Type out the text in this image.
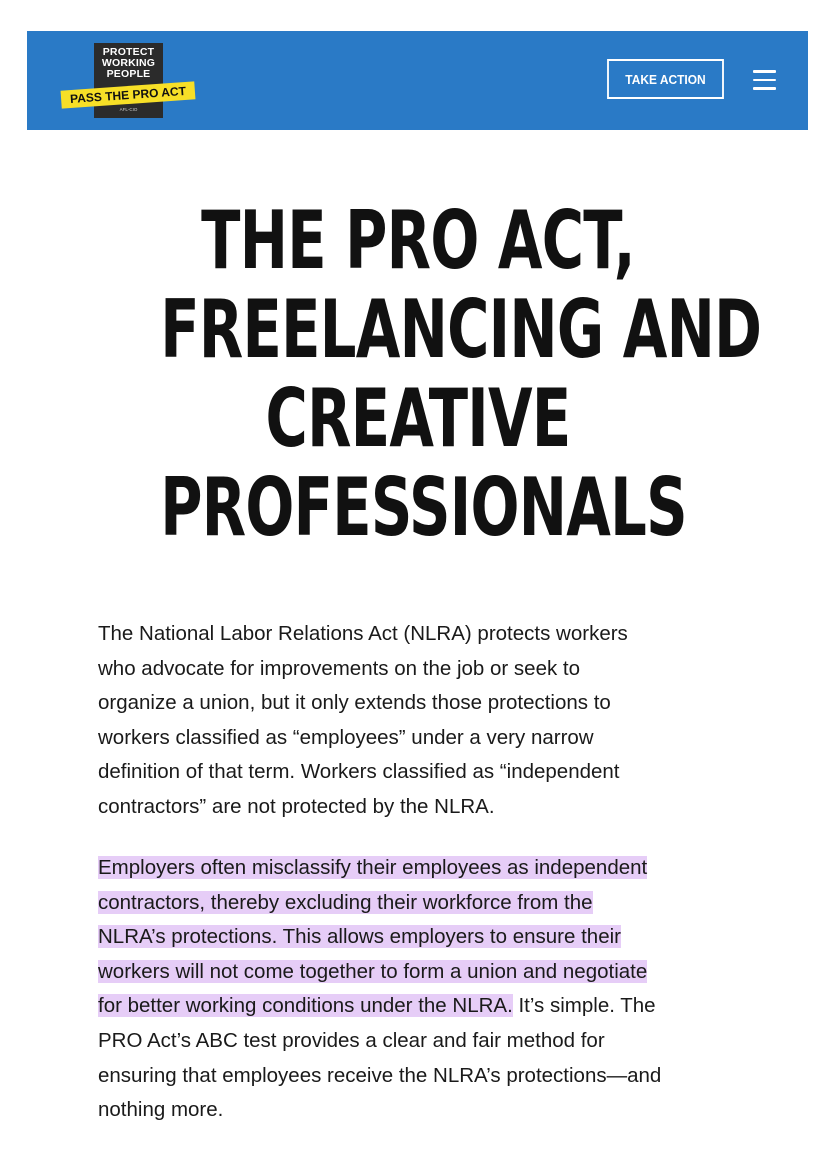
PROTECT
WORKING
PEOPLE
PASS THE PRO ACT
AFL-CIO
TAKE ACTION
THE PRO ACT,
FREELANCING AND
CREATIVE
PROFESSIONALS

The National Labor Relations Act (NLRA) protects workers
who advocate for improvements on the job or seek to
organize a union, but it only extends those protections to
workers classified as “employees” under a very narrow
definition of that term. Workers classified as “independent
contractors” are not protected by the NLRA.

Employers often misclassify their employees as independent
contractors, thereby excluding their workforce from the
NLRA’s protections. This allows employers to ensure their
workers will not come together to form a union and negotiate
for better working conditions under the NLRA. It’s simple. The
PRO Act’s ABC test provides a clear and fair method for
ensuring that employees receive the NLRA’s protections—and
nothing more.
